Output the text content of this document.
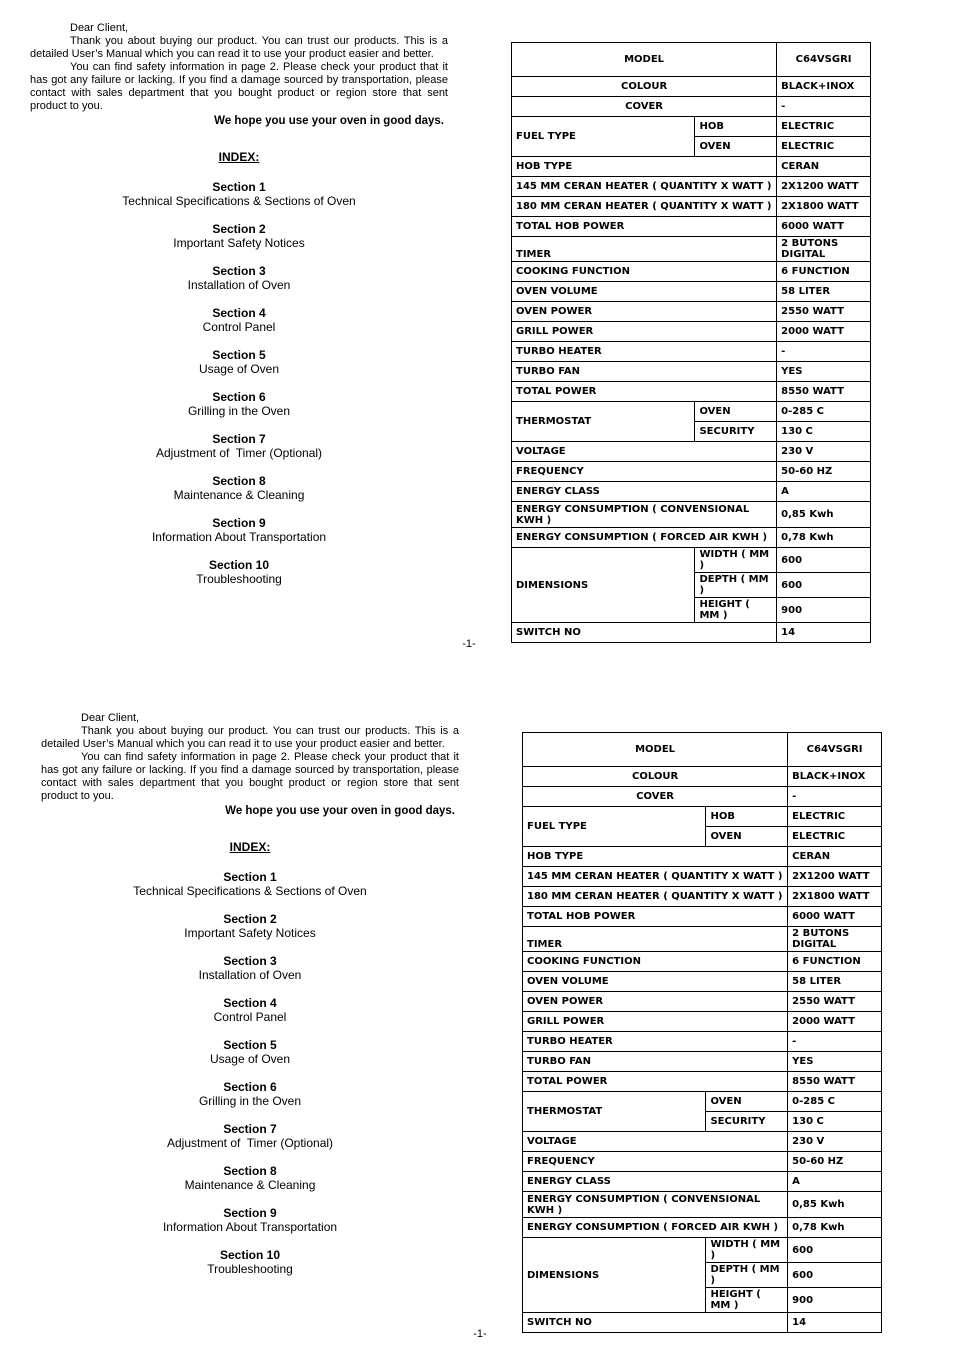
Dear Client,

Thank you about buying our product. You can trust our products. This is a detailed User’s Manual which you can read it to use your product easier and better.

You can find safety information in page 2. Please check your product that it has got any failure or lacking. If you find a damage sourced by transportation, please contact with sales department that you bought product or region store that sent product to you.

We hope you use your oven in good days.
INDEX:
Section 1
Technical Specifications & Sections of Oven
Section 2
Important Safety Notices
Section 3
Installation of Oven
Section 4
Control Panel
Section 5
Usage of Oven
Section 6
Grilling in the Oven
Section 7
Adjustment of  Timer (Optional)
Section 8
Maintenance & Cleaning
Section 9
Information About Transportation
Section 10
Troubleshooting
MODEL		C64VSGRI
COLOUR		BLACK+INOX
COVER		-
FUEL TYPE	HOB	ELECTRIC
	OVEN	ELECTRIC
HOB TYPE		CERAN
145 MM CERAN HEATER ( QUANTITY X WATT )		2X1200 WATT
180 MM CERAN HEATER ( QUANTITY X WATT )		2X1800 WATT
TOTAL HOB POWER		6000 WATT
TIMER		2 BUTONS
DIGITAL

COOKING FUNCTION		6 FUNCTION
OVEN VOLUME		58 LITER
OVEN POWER		2550 WATT
GRILL POWER		2000 WATT
TURBO HEATER		-
TURBO FAN		YES
TOTAL POWER		8550 WATT
THERMOSTAT	OVEN	0-285 C
	SECURITY	130 C
VOLTAGE		230 V
FREQUENCY		50-60 HZ
ENERGY CLASS		A
ENERGY CONSUMPTION ( CONVENSIONAL KWH )		0,85 Kwh
ENERGY CONSUMPTION ( FORCED AIR KWH )		0,78 Kwh
DIMENSIONS	WIDTH ( MM )	600
	DEPTH ( MM )	600
	HEIGHT ( MM )	900
SWITCH NO		14
-1-
Dear Client,

Thank you about buying our product. You can trust our products. This is a detailed User’s Manual which you can read it to use your product easier and better.

You can find safety information in page 2. Please check your product that it has got any failure or lacking. If you find a damage sourced by transportation, please contact with sales department that you bought product or region store that sent product to you.

We hope you use your oven in good days.
INDEX:
Section 1
Technical Specifications & Sections of Oven
Section 2
Important Safety Notices
Section 3
Installation of Oven
Section 4
Control Panel
Section 5
Usage of Oven
Section 6
Grilling in the Oven
Section 7
Adjustment of  Timer (Optional)
Section 8
Maintenance & Cleaning
Section 9
Information About Transportation
Section 10
Troubleshooting
MODEL		C64VSGRI
COLOUR		BLACK+INOX
COVER		-
FUEL TYPE	HOB	ELECTRIC
	OVEN	ELECTRIC
HOB TYPE		CERAN
145 MM CERAN HEATER ( QUANTITY X WATT )		2X1200 WATT
180 MM CERAN HEATER ( QUANTITY X WATT )		2X1800 WATT
TOTAL HOB POWER		6000 WATT
TIMER		2 BUTONS
DIGITAL

COOKING FUNCTION		6 FUNCTION
OVEN VOLUME		58 LITER
OVEN POWER		2550 WATT
GRILL POWER		2000 WATT
TURBO HEATER		-
TURBO FAN		YES
TOTAL POWER		8550 WATT
THERMOSTAT	OVEN	0-285 C
	SECURITY	130 C
VOLTAGE		230 V
FREQUENCY		50-60 HZ
ENERGY CLASS		A
ENERGY CONSUMPTION ( CONVENSIONAL KWH )		0,85 Kwh
ENERGY CONSUMPTION ( FORCED AIR KWH )		0,78 Kwh
DIMENSIONS	WIDTH ( MM )	600
	DEPTH ( MM )	600
	HEIGHT ( MM )	900
SWITCH NO		14
-1-
